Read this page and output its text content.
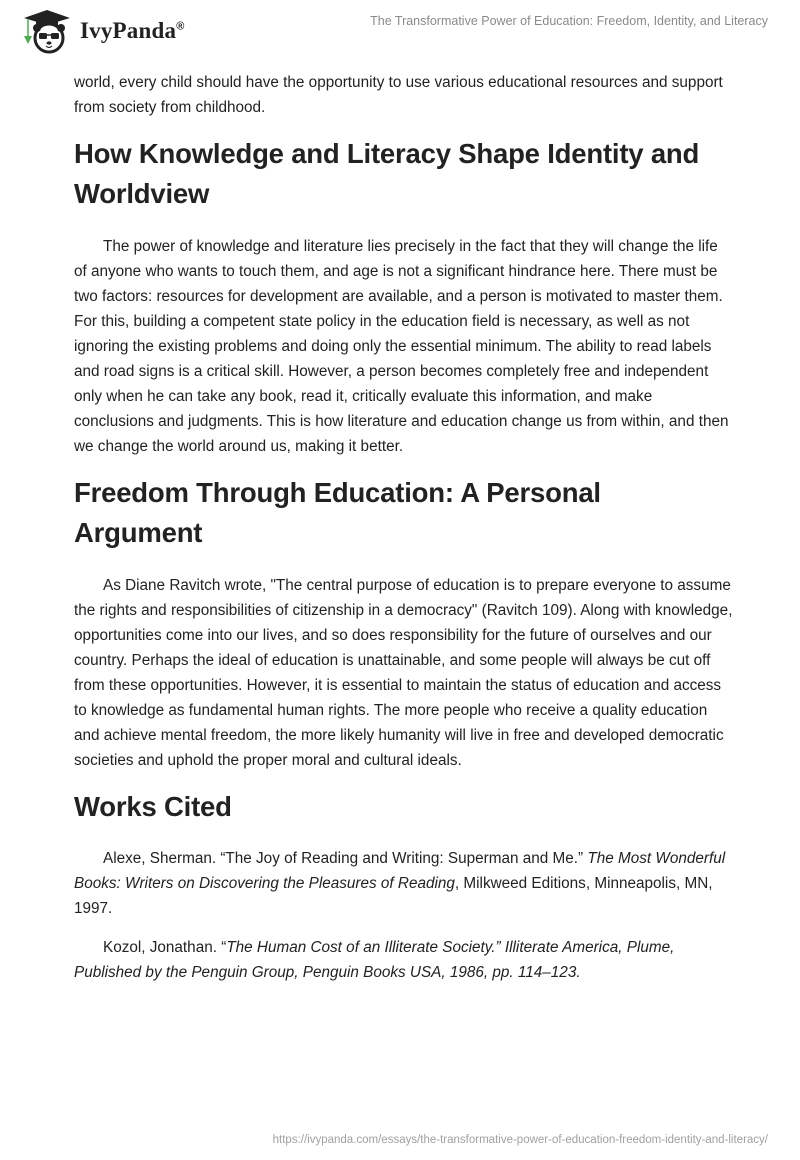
IvyPanda®	The Transformative Power of Education: Freedom, Identity, and Literacy

world, every child should have the opportunity to use various educational resources and support from society from childhood.

How Knowledge and Literacy Shape Identity and Worldview

The power of knowledge and literature lies precisely in the fact that they will change the life of anyone who wants to touch them, and age is not a significant hindrance here. There must be two factors: resources for development are available, and a person is motivated to master them. For this, building a competent state policy in the education field is necessary, as well as not ignoring the existing problems and doing only the essential minimum. The ability to read labels and road signs is a critical skill. However, a person becomes completely free and independent only when he can take any book, read it, critically evaluate this information, and make conclusions and judgments. This is how literature and education change us from within, and then we change the world around us, making it better.

Freedom Through Education: A Personal Argument

As Diane Ravitch wrote, "The central purpose of education is to prepare everyone to assume the rights and responsibilities of citizenship in a democracy" (Ravitch 109). Along with knowledge, opportunities come into our lives, and so does responsibility for the future of ourselves and our country. Perhaps the ideal of education is unattainable, and some people will always be cut off from these opportunities. However, it is essential to maintain the status of education and access to knowledge as fundamental human rights. The more people who receive a quality education and achieve mental freedom, the more likely humanity will live in free and developed democratic societies and uphold the proper moral and cultural ideals.

Works Cited

Alexe, Sherman. “The Joy of Reading and Writing: Superman and Me.” The Most Wonderful Books: Writers on Discovering the Pleasures of Reading, Milkweed Editions, Minneapolis, MN, 1997.

Kozol, Jonathan. “The Human Cost of an Illiterate Society.” Illiterate America, Plume, Published by the Penguin Group, Penguin Books USA, 1986, pp. 114–123.

https://ivypanda.com/essays/the-transformative-power-of-education-freedom-identity-and-literacy/
